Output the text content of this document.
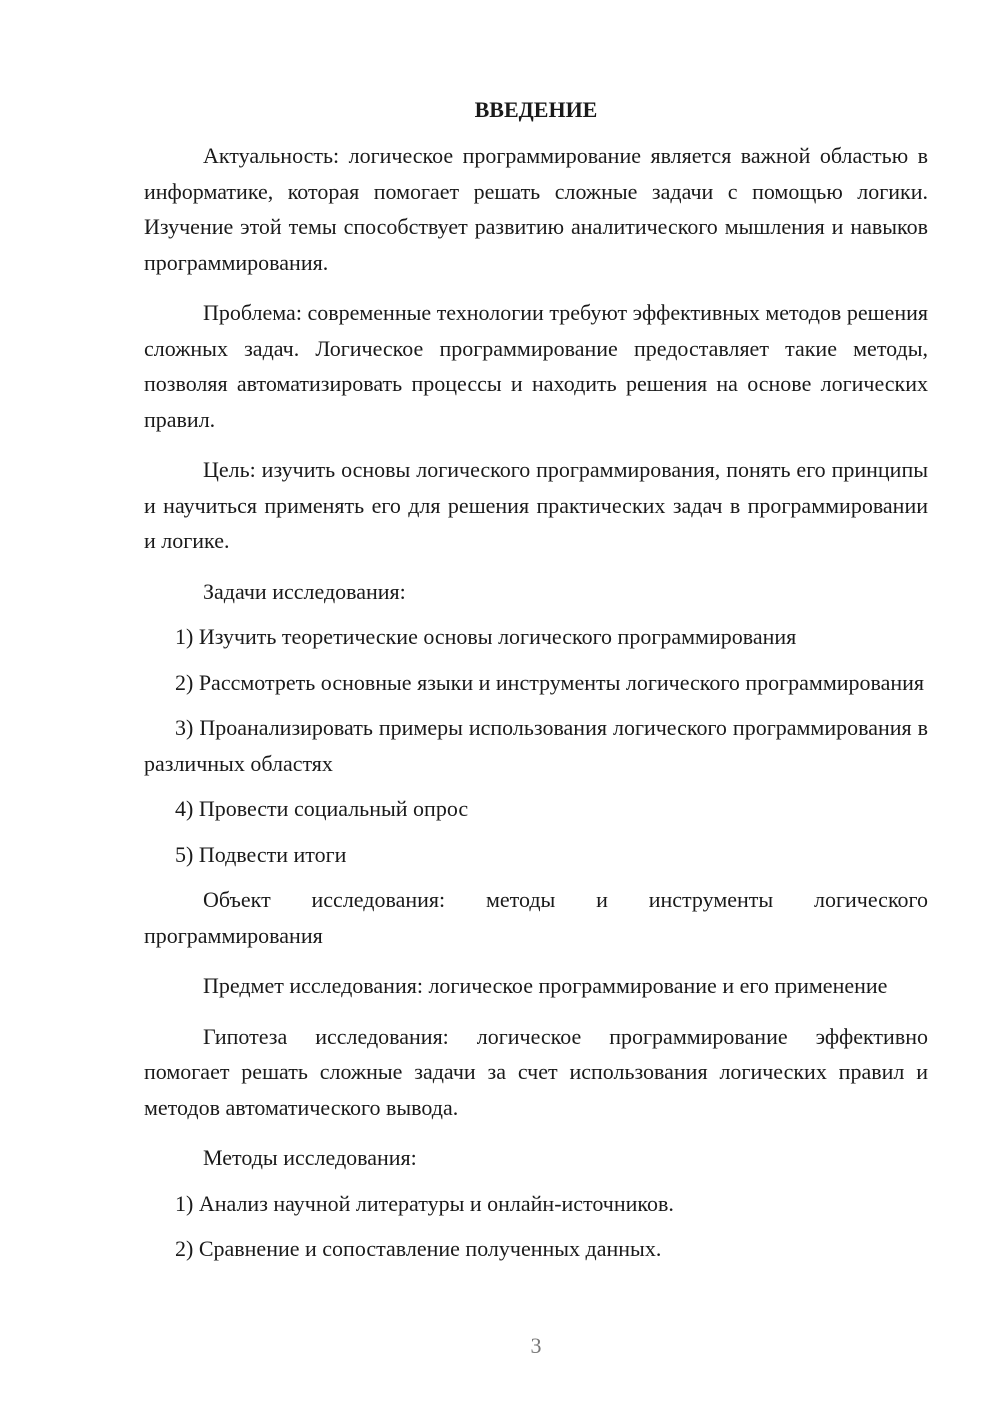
ВВЕДЕНИЕ

Актуальность: логическое программирование является важной областью в информатике, которая помогает решать сложные задачи с помощью логики. Изучение этой темы способствует развитию аналитического мышления и навыков программирования.

Проблема: современные технологии требуют эффективных методов решения сложных задач. Логическое программирование предоставляет такие методы, позволяя автоматизировать процессы и находить решения на основе логических правил.

Цель: изучить основы логического программирования, понять его принципы и научиться применять его для решения практических задач в программировании и логике.

Задачи исследования:

1) Изучить теоретические основы логического программирования

2) Рассмотреть основные языки и инструменты логического программирования

3) Проанализировать примеры использования логического программирования в различных областях

4) Провести социальный опрос

5) Подвести итоги

Объект исследования: методы и инструменты логического программирования

Предмет исследования: логическое программирование и его применение

Гипотеза исследования: логическое программирование эффективно помогает решать сложные задачи за счет использования логических правил и методов автоматического вывода.

Методы исследования:

1) Анализ научной литературы и онлайн-источников.

2) Сравнение и сопоставление полученных данных.

3
